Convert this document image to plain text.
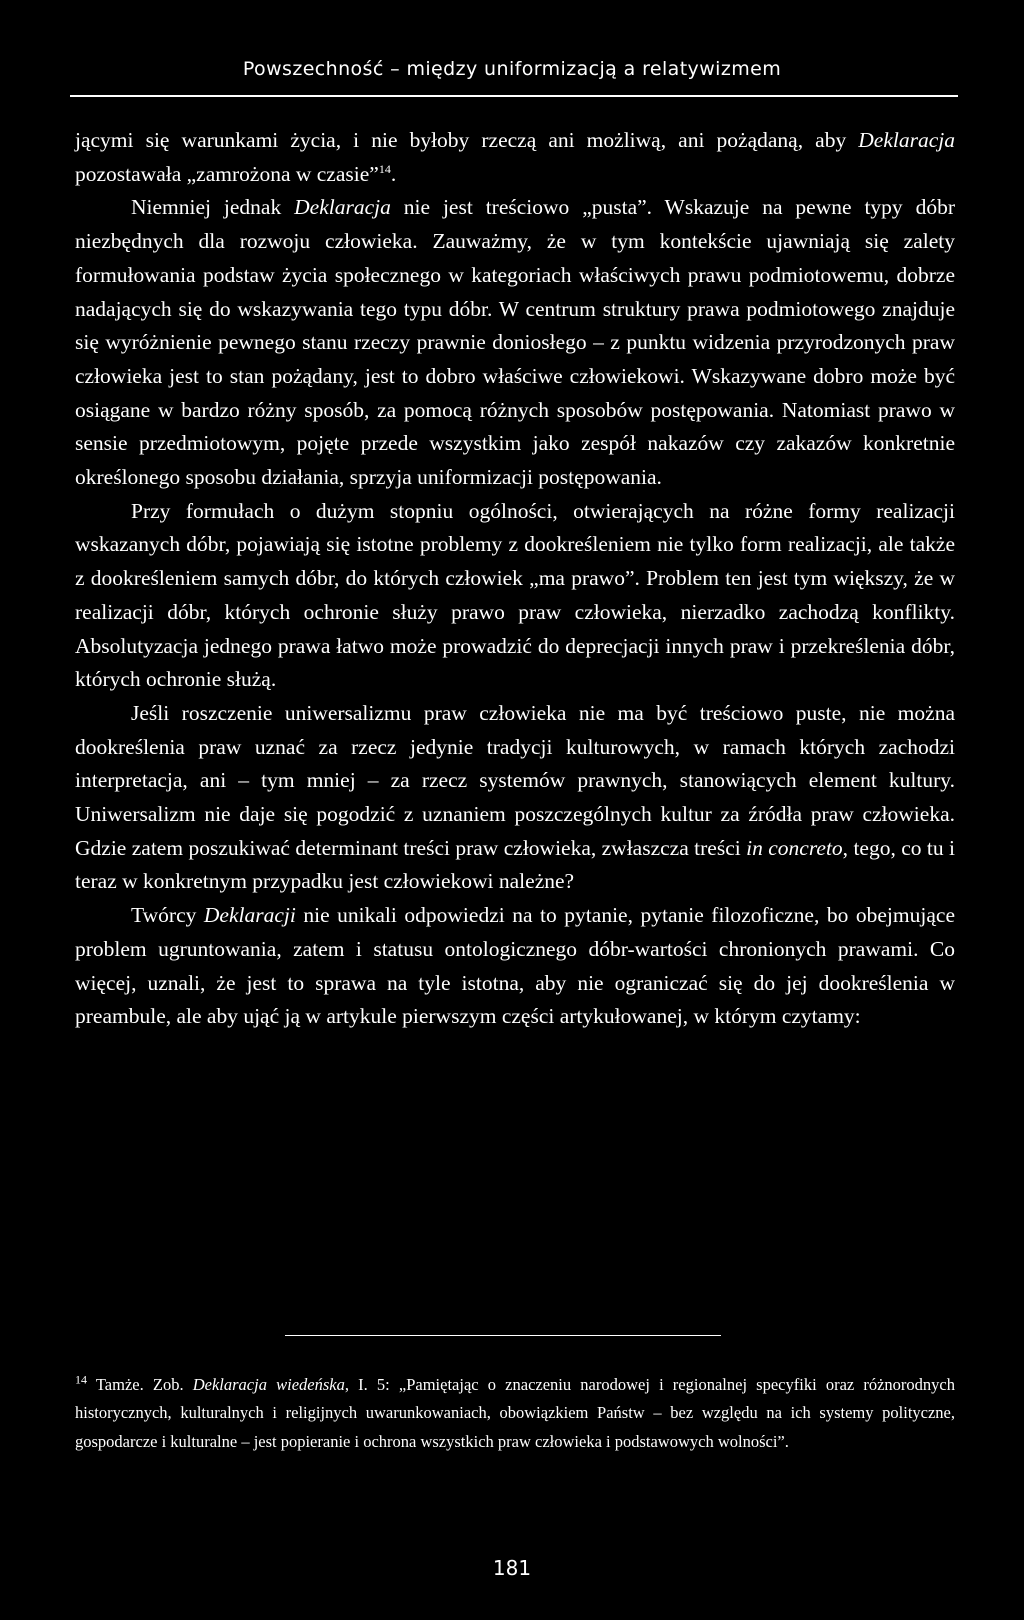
Powszechność – między uniformizacją a relatywizmem

jącymi się warunkami życia, i nie byłoby rzeczą ani możliwą, ani pożądaną, aby Deklaracja pozostawała „zamrożona w czasie”$^{14}$.

Niemniej jednak Deklaracja nie jest treściowo „pusta”. Wskazuje na pewne typy dóbr niezbędnych dla rozwoju człowieka. Zauważmy, że w tym kontekście ujawniają się zalety formułowania podstaw życia społecznego w kategoriach właściwych prawu podmiotowemu, dobrze nadających się do wskazywania tego typu dóbr. W centrum struktury prawa podmiotowego znajduje się wyróżnienie pewnego stanu rzeczy prawnie doniosłego – z punktu widzenia przyrodzonych praw człowieka jest to stan pożądany, jest to dobro właściwe człowiekowi. Wskazywane dobro może być osiągane w bardzo różny sposób, za pomocą różnych sposobów postępowania. Natomiast prawo w sensie przedmiotowym, pojęte przede wszystkim jako zespół nakazów czy zakazów konkretnie określonego sposobu działania, sprzyja uniformizacji postępowania.

Przy formułach o dużym stopniu ogólności, otwierających na różne formy realizacji wskazanych dóbr, pojawiają się istotne problemy z dookreśleniem nie tylko form realizacji, ale także z dookreśleniem samych dóbr, do których człowiek „ma prawo”. Problem ten jest tym większy, że w realizacji dóbr, których ochronie służy prawo praw człowieka, nierzadko zachodzą konflikty. Absolutyzacja jednego prawa łatwo może prowadzić do deprecjacji innych praw i przekreślenia dóbr, których ochronie służą.

Jeśli roszczenie uniwersalizmu praw człowieka nie ma być treściowo puste, nie można dookreślenia praw uznać za rzecz jedynie tradycji kulturowych, w ramach których zachodzi interpretacja, ani – tym mniej – za rzecz systemów prawnych, stanowiących element kultury. Uniwersalizm nie daje się pogodzić z uznaniem poszczególnych kultur za źródła praw człowieka. Gdzie zatem poszukiwać determinant treści praw człowieka, zwłaszcza treści in concreto, tego, co tu i teraz w konkretnym przypadku jest człowiekowi należne?

Twórcy Deklaracji nie unikali odpowiedzi na to pytanie, pytanie filozoficzne, bo obejmujące problem ugruntowania, zatem i statusu ontologicznego dóbr-wartości chronionych prawami. Co więcej, uznali, że jest to sprawa na tyle istotna, aby nie ograniczać się do jej dookreślenia w preambule, ale aby ująć ją w artykule pierwszym części artykułowanej, w którym czytamy:

$^{14}$ Tamże. Zob. Deklaracja wiedeńska, I. 5: „Pamiętając o znaczeniu narodowej i regionalnej specyfiki oraz różnorodnych historycznych, kulturalnych i religijnych uwarunkowaniach, obowiązkiem Państw – bez względu na ich systemy polityczne, gospodarcze i kulturalne – jest popieranie i ochrona wszystkich praw człowieka i podstawowych wolności”.
181
